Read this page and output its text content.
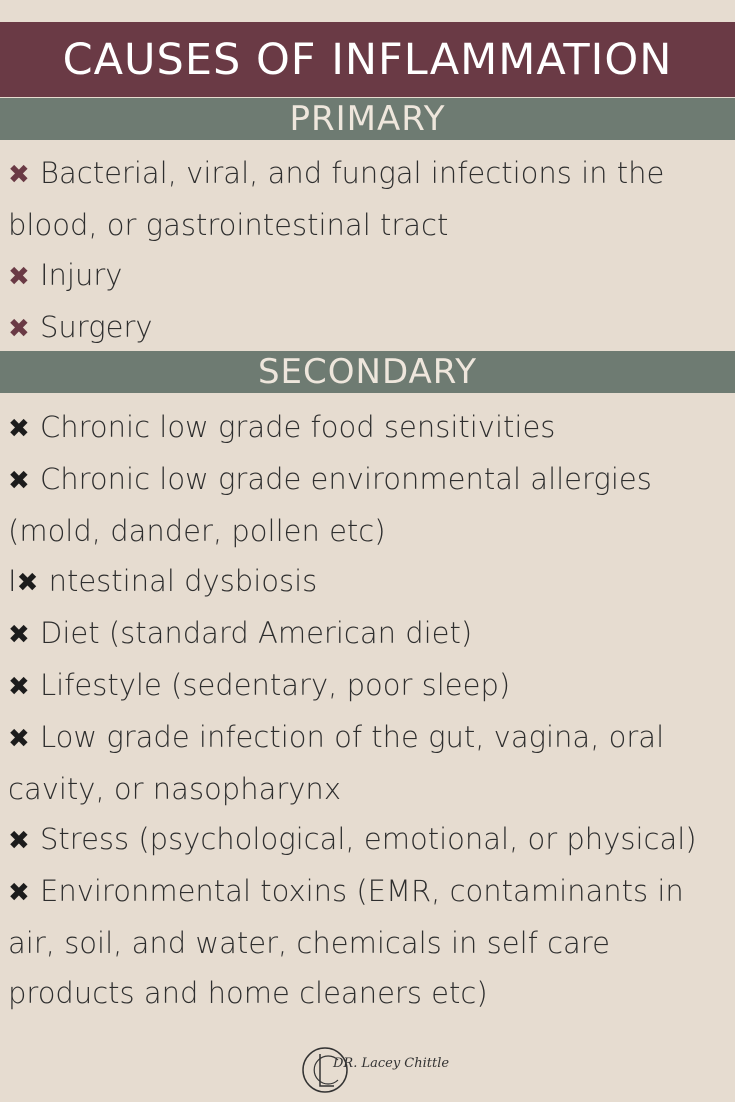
CAUSES OF INFLAMMATION
PRIMARY
✖ Bacterial, viral, and fungal infections in the blood, or gastrointestinal tract
✖ Injury
✖ Surgery
SECONDARY
✖ Chronic low grade food sensitivities
✖ Chronic low grade environmental allergies (mold, dander, pollen etc)
I✖ ntestinal dysbiosis
✖ Diet (standard American diet)
✖ Lifestyle (sedentary, poor sleep)
✖ Low grade infection of the gut, vagina, oral cavity, or nasopharynx
✖ Stress (psychological, emotional, or physical)
✖ Environmental toxins (EMR, contaminants in air, soil, and water, chemicals in self care products and home cleaners etc)
DR. Lacey Chittle
